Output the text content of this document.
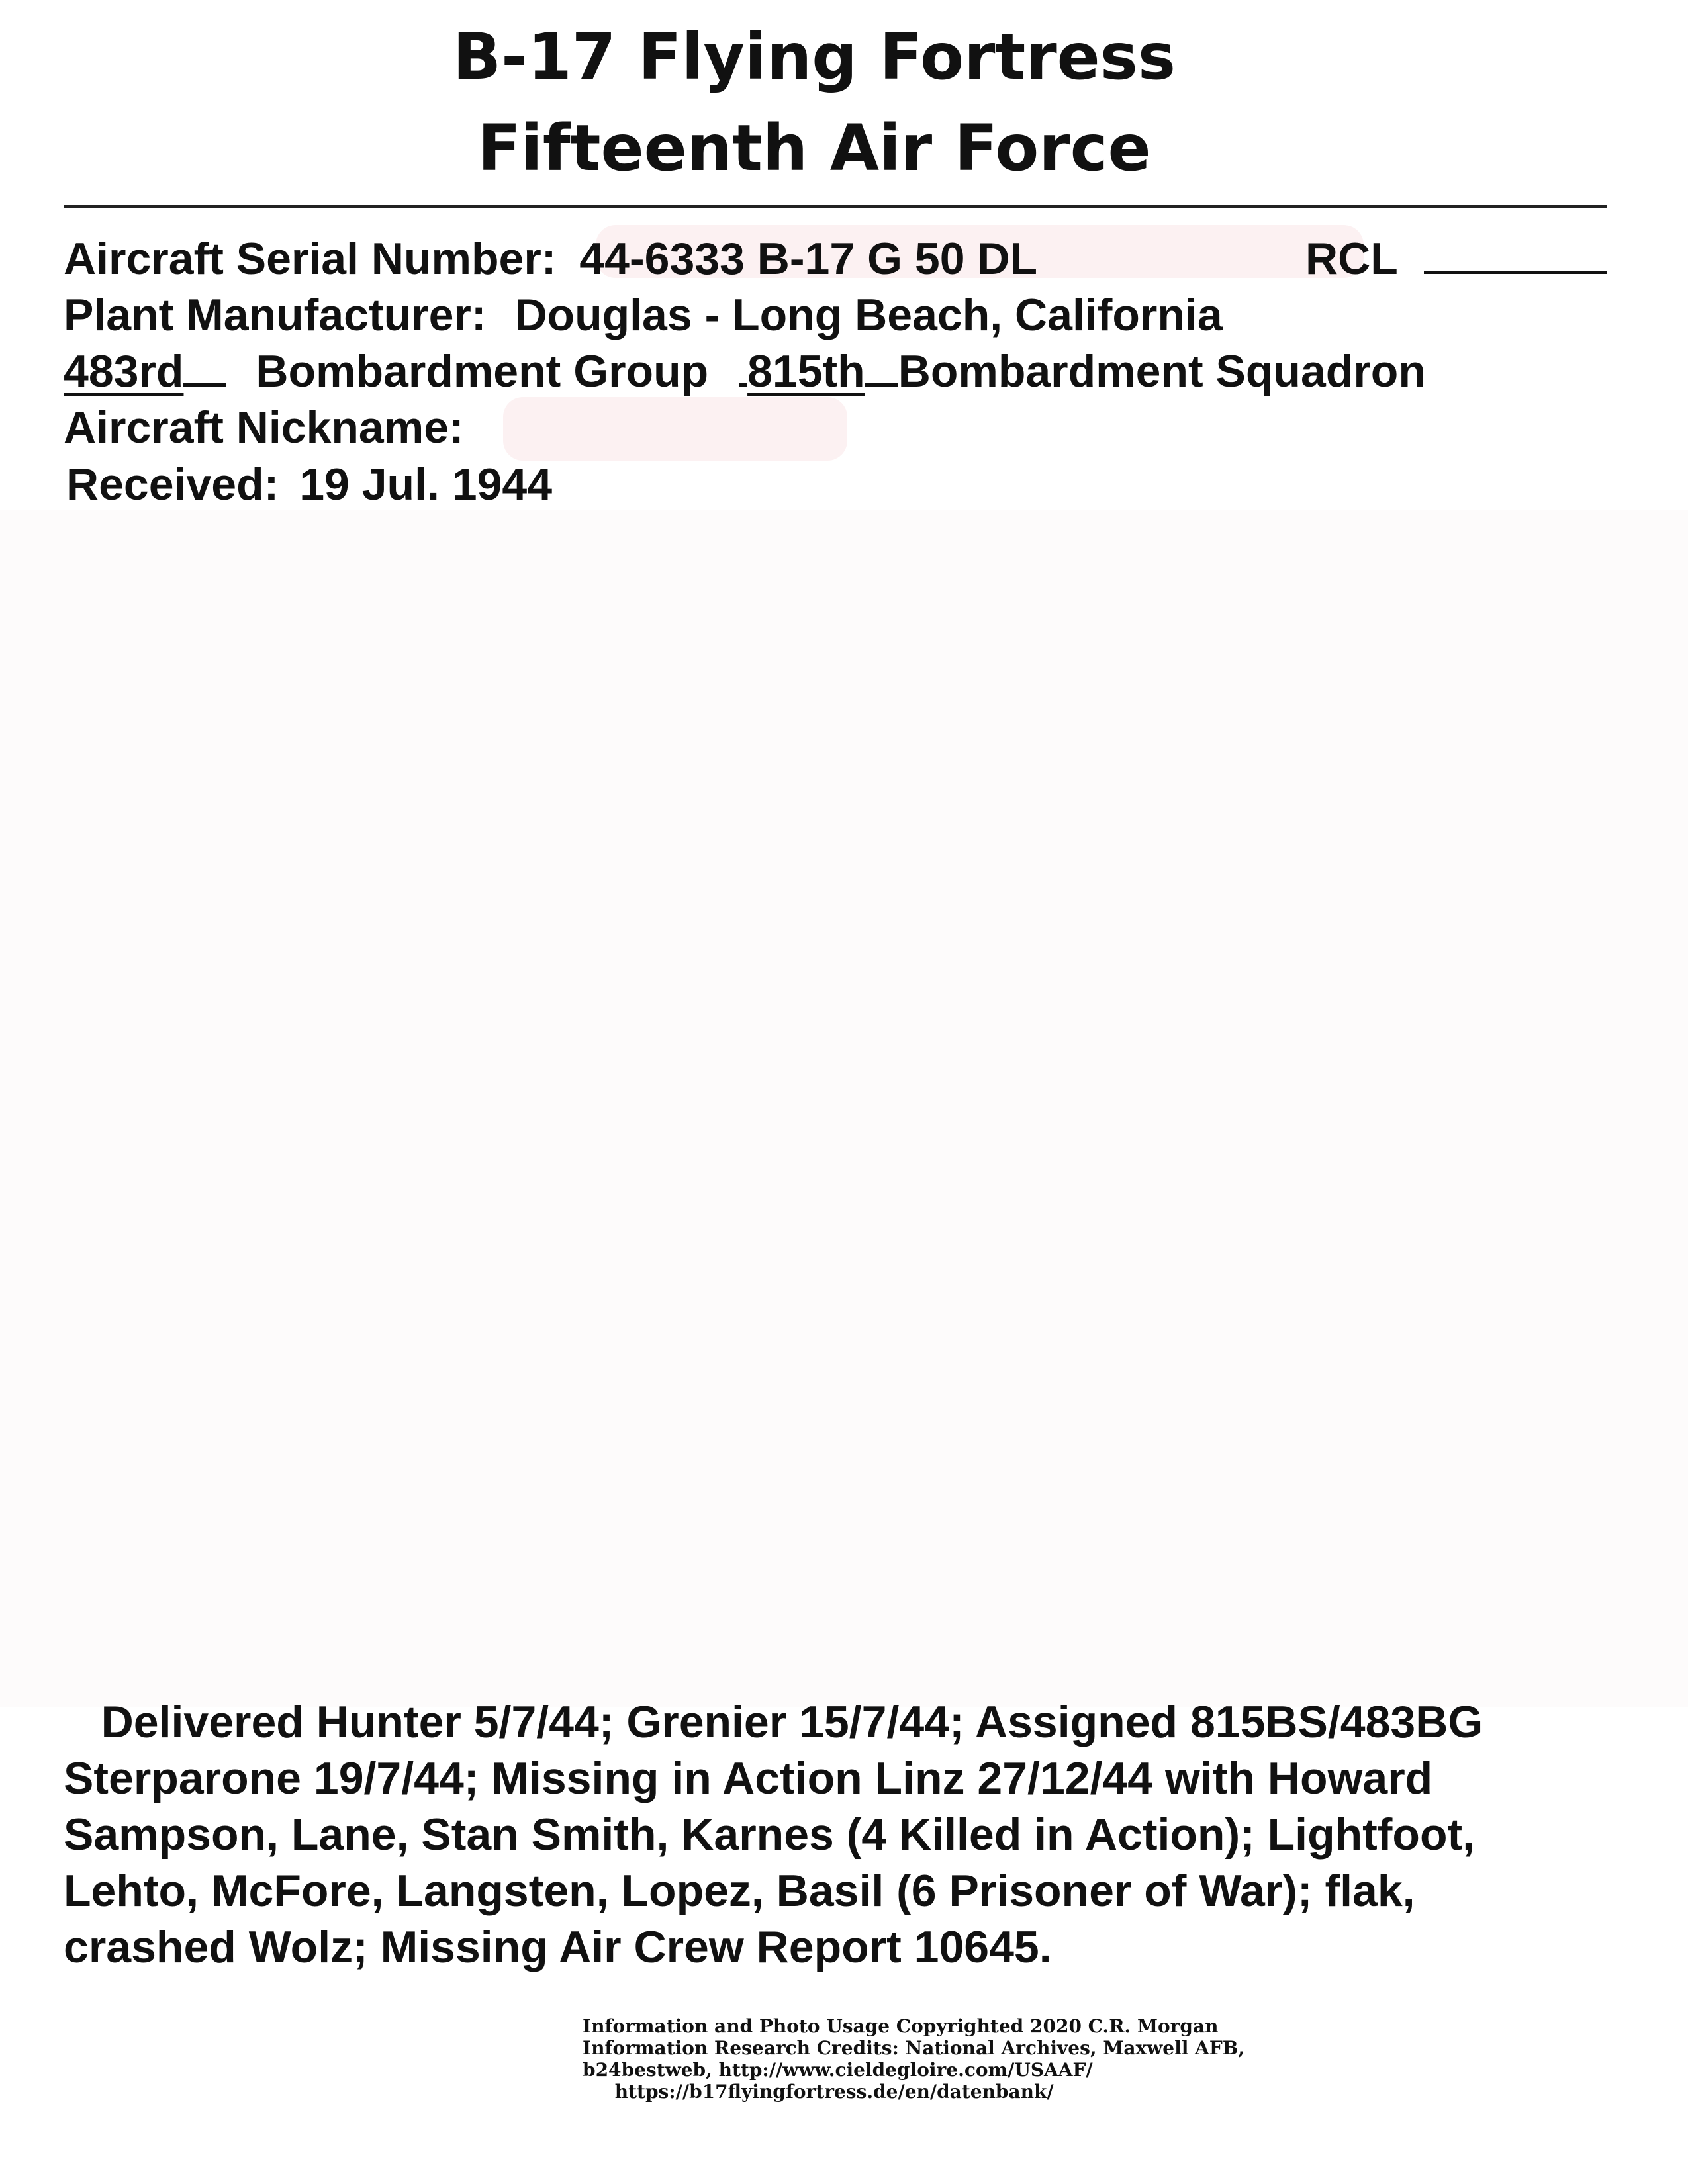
B-17 Flying Fortress
Fifteenth Air Force
Aircraft Serial Number: 44-6333 B-17 G 50 DL	RCL
Plant Manufacturer: Douglas - Long Beach, California
483rd Bombardment Group 815th Bombardment Squadron
Aircraft Nickname:
Received: 19 Jul. 1944
Delivered Hunter 5/7/44; Grenier 15/7/44; Assigned 815BS/483BG
Sterparone 19/7/44; Missing in Action Linz 27/12/44 with Howard
Sampson, Lane, Stan Smith, Karnes (4 Killed in Action); Lightfoot,
Lehto, McFore, Langsten, Lopez, Basil (6 Prisoner of War); flak,
crashed Wolz; Missing Air Crew Report 10645.
Information and Photo Usage Copyrighted 2020 C.R. Morgan
Information Research Credits: National Archives, Maxwell AFB,
b24bestweb, http://www.cieldegloire.com/USAAF/
https://b17flyingfortress.de/en/datenbank/
